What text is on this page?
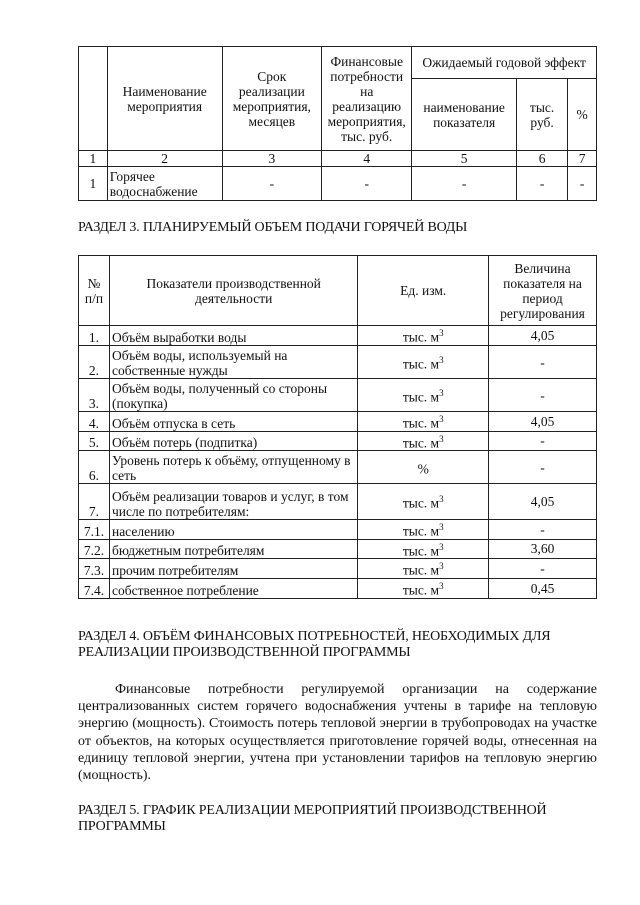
	Наименование мероприятия	Срок реализации мероприятия, месяцев	Финансовые потребности на реализацию мероприятия, тыс. руб.	Ожидаемый годовой эффект		
				наименование показателя	тыс. руб.	%
1	2	3	4	5	6	7
1	Горячее водоснабжение	-	-	-	-	-
РАЗДЕЛ 3. ПЛАНИРУЕМЫЙ ОБЪЕМ ПОДАЧИ ГОРЯЧЕЙ ВОДЫ
№ п/п	Показатели производственной деятельности	Ед. изм.	Величина показателя на период регулирования
1.	Объём выработки воды	тыс. $м^3$	4,05
2.	Объём воды, используемый на собственные нужды	тыс. $м^3$	-
3.	Объём воды, полученный со стороны (покупка)	тыс. $м^3$	-
4.	Объём отпуска в сеть	тыс. $м^3$	4,05
5.	Объём потерь (подпитка)	тыс. $м^3$	-
6.	Уровень потерь к объёму, отпущенному в сеть	%	-
7.	Объём реализации товаров и услуг, в том числе по потребителям:	тыс. $м^3$	4,05
7.1.	населению	тыс. $м^3$	-
7.2.	бюджетным потребителям	тыс. $м^3$	3,60
7.3.	прочим потребителям	тыс. $м^3$	-
7.4.	собственное потребление	тыс. $м^3$	0,45
РАЗДЕЛ 4. ОБЪЁМ ФИНАНСОВЫХ ПОТРЕБНОСТЕЙ, НЕОБХОДИМЫХ ДЛЯ РЕАЛИЗАЦИИ ПРОИЗВОДСТВЕННОЙ ПРОГРАММЫ
Финансовые потребности регулируемой организации на содержание централизованных систем горячего водоснабжения учтены в тарифе на тепловую энергию (мощность). Стоимость потерь тепловой энергии в трубопроводах на участке от объектов, на которых осуществляется приготовление горячей воды, отнесенная на единицу тепловой энергии, учтена при установлении тарифов на тепловую энергию (мощность).
РАЗДЕЛ 5. ГРАФИК РЕАЛИЗАЦИИ МЕРОПРИЯТИЙ ПРОИЗВОДСТВЕННОЙ ПРОГРАММЫ
